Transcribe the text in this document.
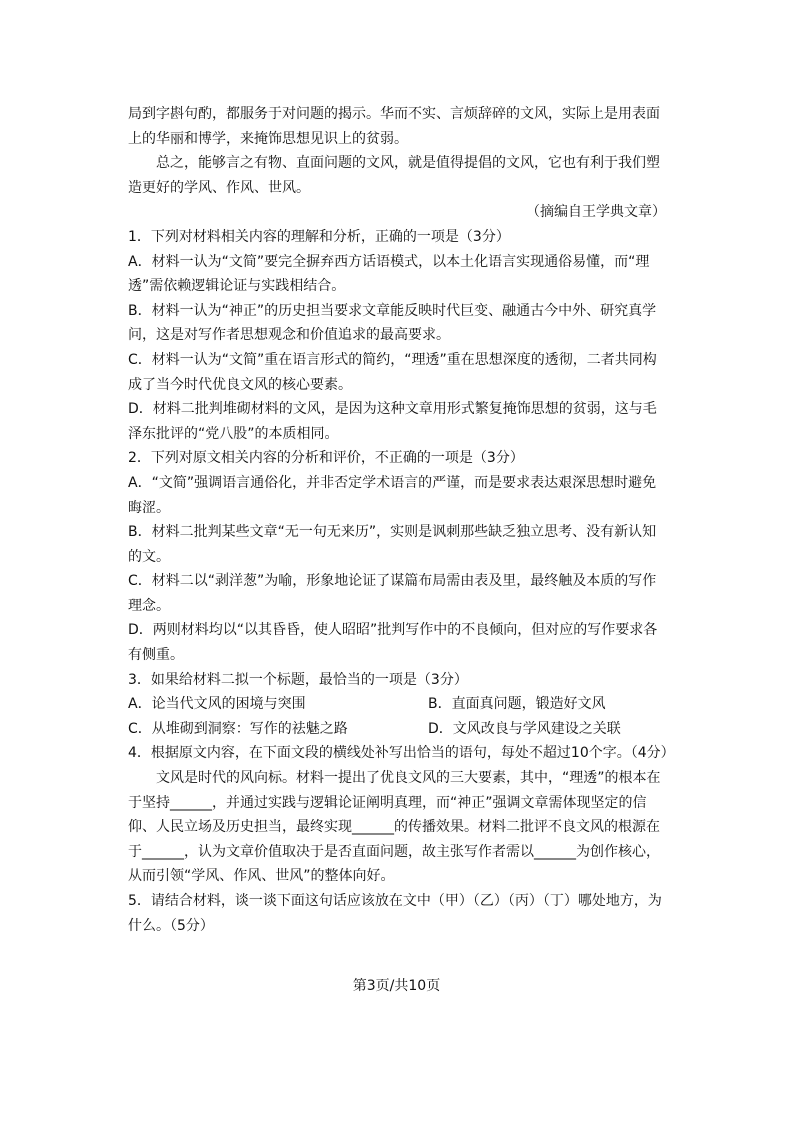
局到字斟句酌，都服务于对问题的揭示。华而不实、言烦辞碎的文风，实际上是用表面上的华丽和博学，来掩饰思想见识上的贫弱。

总之，能够言之有物、直面问题的文风，就是值得提倡的文风，它也有利于我们塑造更好的学风、作风、世风。

（摘编自王学典文章）

1．下列对材料相关内容的理解和分析，正确的一项是（3分）

A．材料一认为“文简”要完全摒弃西方话语模式，以本土化语言实现通俗易懂，而“理透”需依赖逻辑论证与实践相结合。

B．材料一认为“神正”的历史担当要求文章能反映时代巨变、融通古今中外、研究真学问，这是对写作者思想观念和价值追求的最高要求。

C．材料一认为“文简”重在语言形式的简约，“理透”重在思想深度的透彻，二者共同构成了当今时代优良文风的核心要素。

D．材料二批判堆砌材料的文风，是因为这种文章用形式繁复掩饰思想的贫弱，这与毛泽东批评的“党八股”的本质相同。

2．下列对原文相关内容的分析和评价，不正确的一项是（3分）

A．“文简”强调语言通俗化，并非否定学术语言的严谨，而是要求表达艰深思想时避免晦涩。

B．材料二批判某些文章“无一句无来历”，实则是讽刺那些缺乏独立思考、没有新认知的文。

C．材料二以“剥洋葱”为喻，形象地论证了谋篇布局需由表及里，最终触及本质的写作理念。

D．两则材料均以“以其昏昏，使人昭昭”批判写作中的不良倾向，但对应的写作要求各有侧重。

3．如果给材料二拟一个标题，最恰当的一项是（3分）

A．论当代文风的困境与突围	B．直面真问题，锻造好文风
C．从堆砌到洞察：写作的祛魅之路	D．文风改良与学风建设之关联

4．根据原文内容，在下面文段的横线处补写出恰当的语句，每处不超过10个字。（4分）

文风是时代的风向标。材料一提出了优良文风的三大要素，其中，“理透”的根本在于坚持______，并通过实践与逻辑论证阐明真理，而“神正”强调文章需体现坚定的信仰、人民立场及历史担当，最终实现______的传播效果。材料二批评不良文风的根源在于______，认为文章价值取决于是否直面问题，故主张写作者需以______为创作核心，从而引领“学风、作风、世风”的整体向好。

5．请结合材料，谈一谈下面这句话应该放在文中（甲）（乙）（丙）（丁）哪处地方，为什么。（5分）

第3页/共10页
